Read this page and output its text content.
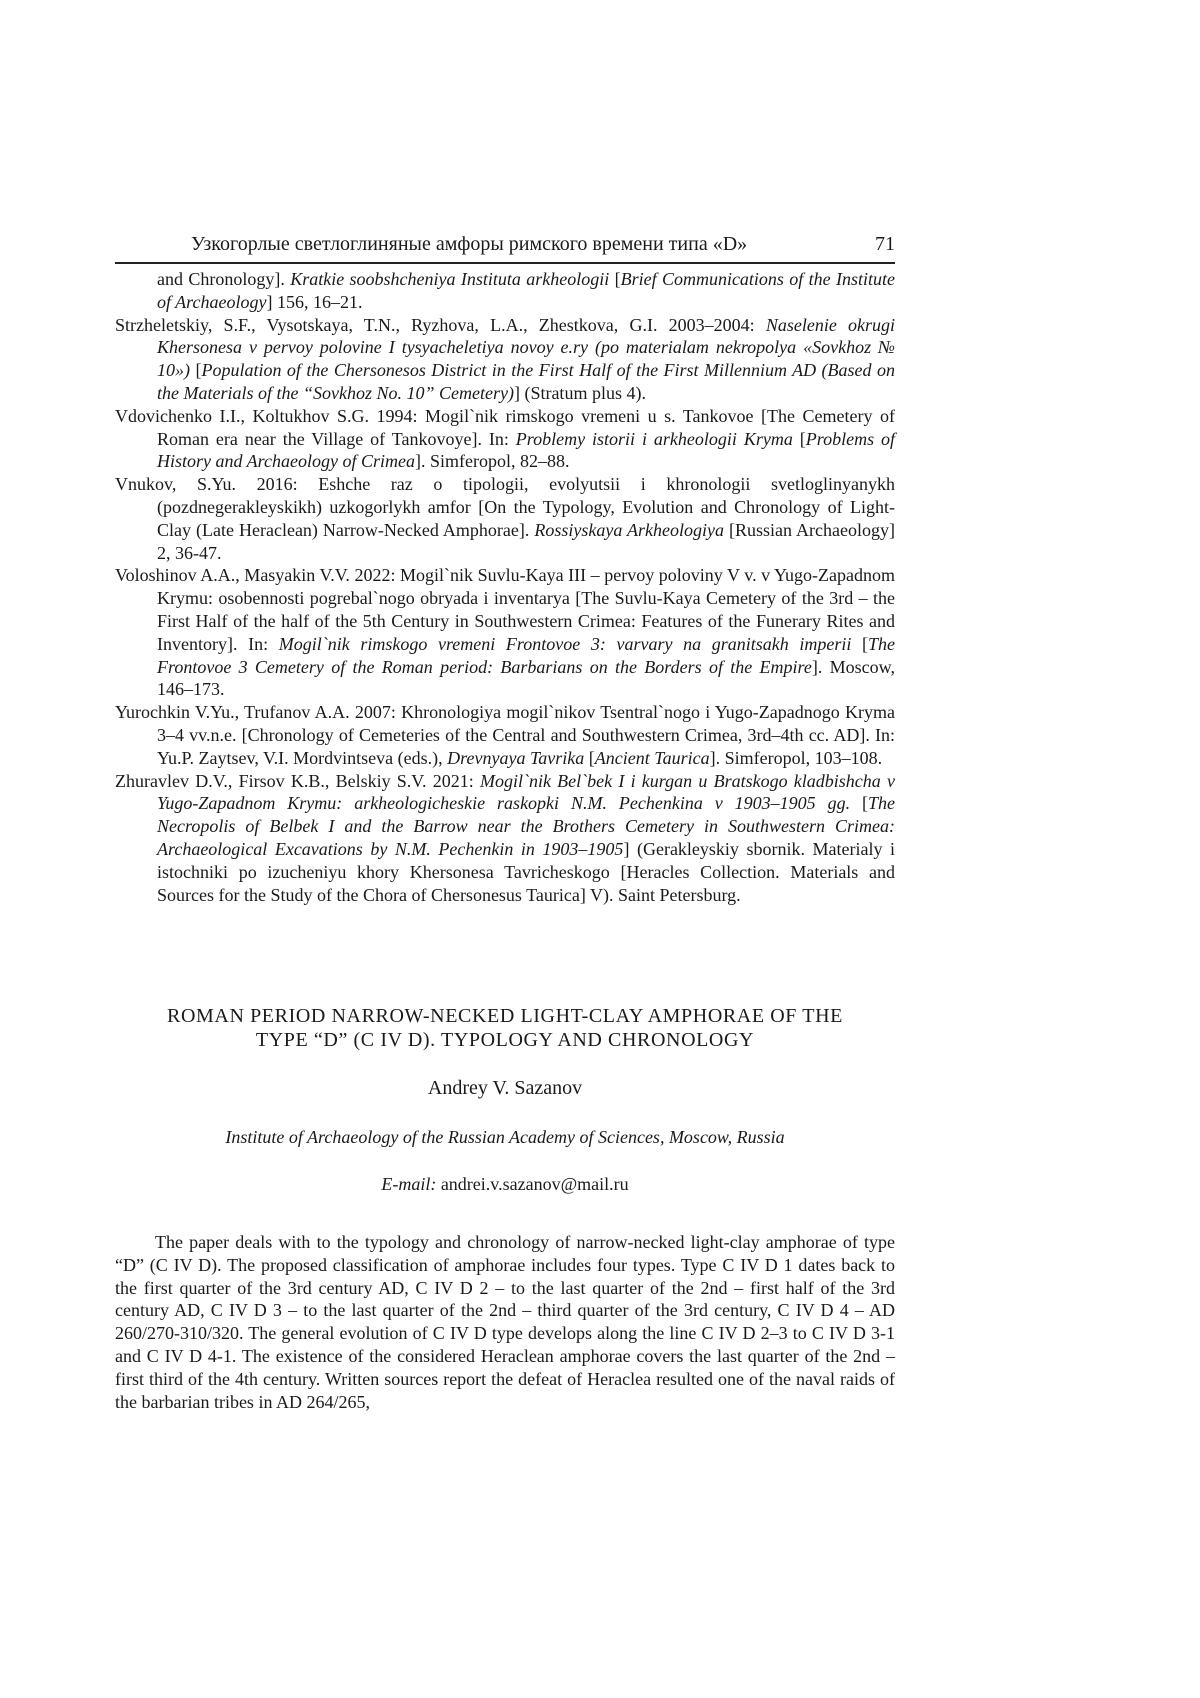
Узкогорлые светлоглиняные амфоры римского времени типа «D»	71

and Chronology]. Kratkie soobshcheniya Instituta arkheologii [Brief Communications of the Institute of Archaeology] 156, 16–21.

Strzheletskiy, S.F., Vysotskaya, T.N., Ryzhova, L.A., Zhestkova, G.I. 2003–2004: Naselenie okrugi Khersonesa v pervoy polovine I tysyacheletiya novoy e.ry (po materialam nekropolya «Sovkhoz № 10») [Population of the Chersonesos District in the First Half of the First Millennium AD (Based on the Materials of the “Sovkhoz No. 10” Cemetery)] (Stratum plus 4).

Vdovichenko I.I., Koltukhov S.G. 1994: Mogil`nik rimskogo vremeni u s. Tankovoe [The Cemetery of Roman era near the Village of Tankovoye]. In: Problemy istorii i arkheologii Kryma [Problems of History and Archaeology of Crimea]. Simferopol, 82–88.

Vnukov, S.Yu. 2016: Eshche raz o tipologii, evolyutsii i khronologii svetloglinyanykh (pozdnegerakleyskikh) uzkogorlykh amfor [On the Typology, Evolution and Chronology of Light-Clay (Late Heraclean) Narrow-Necked Amphorae]. Rossiyskaya Arkheologiya [Russian Archaeology] 2, 36-47.

Voloshinov A.A., Masyakin V.V. 2022: Mogil`nik Suvlu-Kaya III – pervoy poloviny V v. v Yugo-Zapadnom Krymu: osobennosti pogrebal`nogo obryada i inventarya [The Suvlu-Kaya Cemetery of the 3rd – the First Half of the half of the 5th Century in Southwestern Crimea: Features of the Funerary Rites and Inventory]. In: Mogil`nik rimskogo vremeni Frontovoe 3: varvary na granitsakh imperii [The Frontovoe 3 Cemetery of the Roman period: Barbarians on the Borders of the Empire]. Moscow, 146–173.

Yurochkin V.Yu., Trufanov A.A. 2007: Khronologiya mogil`nikov Tsentral`nogo i Yugo-Zapadnogo Kryma 3–4 vv.n.e. [Chronology of Cemeteries of the Central and Southwestern Crimea, 3rd–4th cc. AD]. In: Yu.P. Zaytsev, V.I. Mordvintseva (eds.), Drevnyaya Tavrika [Ancient Taurica]. Simferopol, 103–108.

Zhuravlev D.V., Firsov K.B., Belskiy S.V. 2021: Mogil`nik Bel`bek I i kurgan u Bratskogo kladbishcha v Yugo-Zapadnom Krymu: arkheologicheskie raskopki N.M. Pechenkina v 1903–1905 gg. [The Necropolis of Belbek I and the Barrow near the Brothers Cemetery in Southwestern Crimea: Archaeological Excavations by N.M. Pechenkin in 1903–1905] (Gerakleyskiy sbornik. Materialy i istochniki po izucheniyu khory Khersonesa Tavricheskogo [Heracles Collection. Materials and Sources for the Study of the Chora of Chersonesus Taurica] V). Saint Petersburg.

ROMAN PERIOD NARROW-NECKED LIGHT-CLAY AMPHORAE OF THE
TYPE “D” (C IV D). TYPOLOGY AND CHRONOLOGY
Andrey V. Sazanov
Institute of Archaeology of the Russian Academy of Sciences, Moscow, Russia
E-mail: andrei.v.sazanov@mail.ru

The paper deals with to the typology and chronology of narrow-necked light-clay amphorae of type “D” (C IV D). The proposed classification of amphorae includes four types. Type C IV D 1 dates back to the first quarter of the 3rd century AD, C IV D 2 – to the last quarter of the 2nd – first half of the 3rd century AD, C IV D 3 – to the last quarter of the 2nd – third quarter of the 3rd century, C IV D 4 – AD 260/270-310/320. The general evolution of C IV D type develops along the line C IV D 2–3 to C IV D 3-1 and C IV D 4-1. The existence of the considered Heraclean amphorae covers the last quarter of the 2nd – first third of the 4th century. Written sources report the defeat of Heraclea resulted one of the naval raids of the barbarian tribes in AD 264/265,
